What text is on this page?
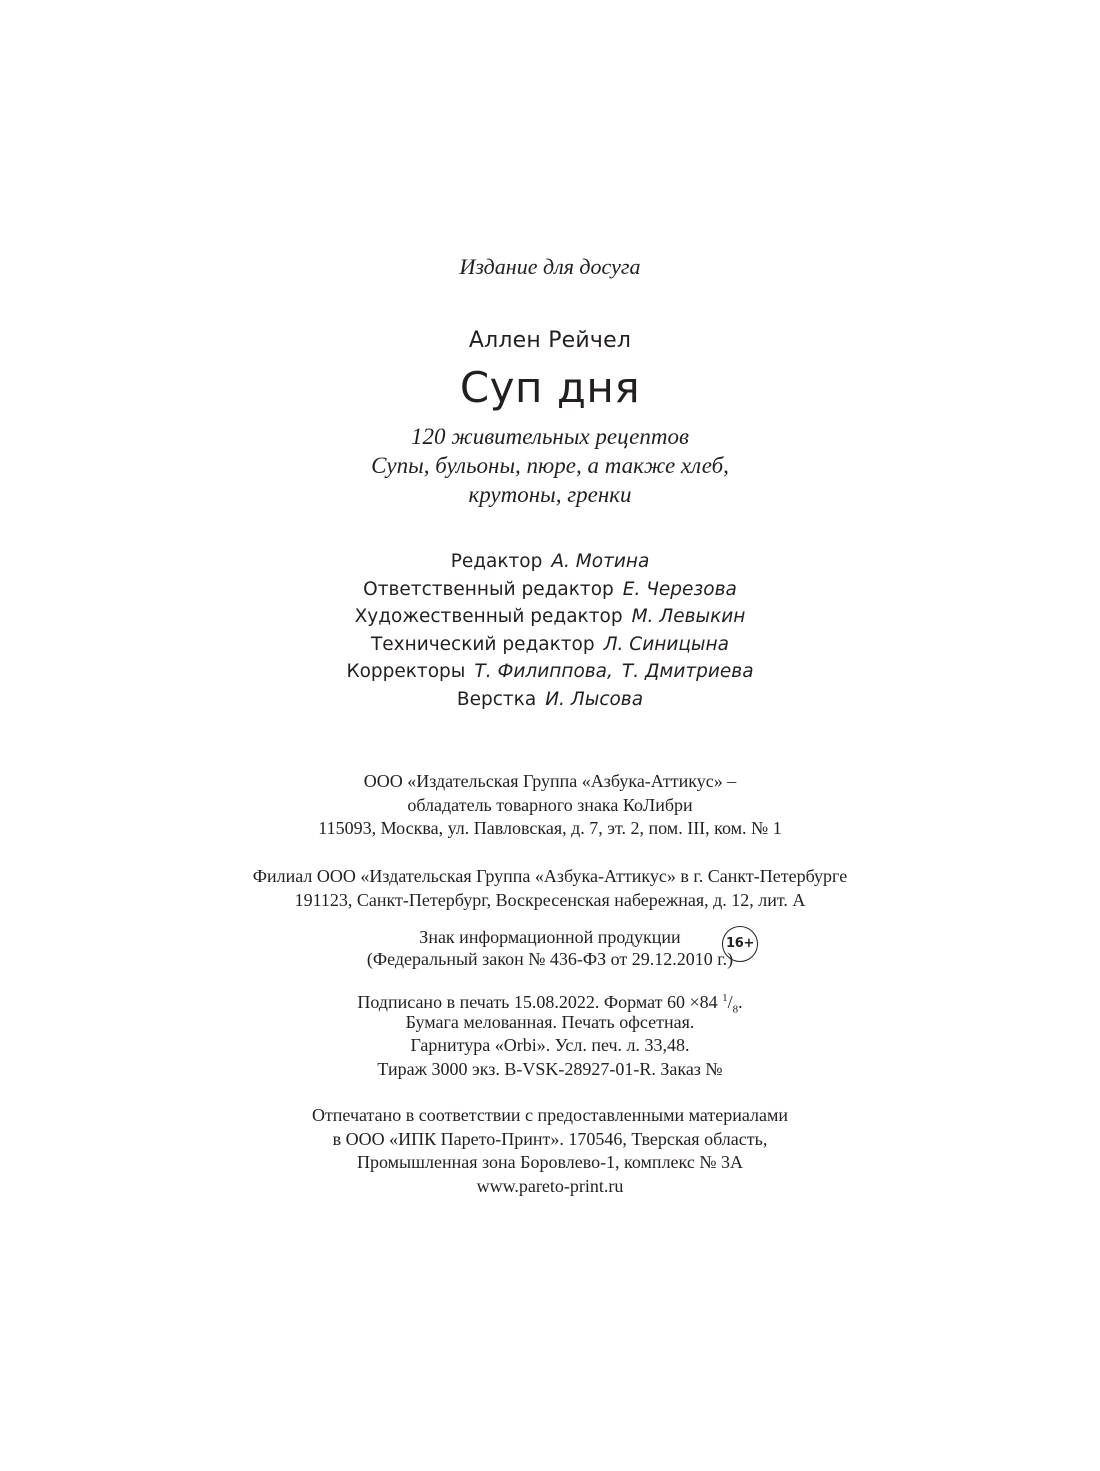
Издание для досуга
Аллен Рейчел
Суп дня
120 живительных рецептов
Супы, бульоны, пюре, а также хлеб,
крутоны, гренки
Редактор А. Мотина
Ответственный редактор Е. Черезова
Художественный редактор М. Левыкин
Технический редактор Л. Синицына
Корректоры Т. Филиппова, Т. Дмитриева
Верстка И. Лысова
ООО «Издательская Группа «Азбука-Аттикус» –
обладатель товарного знака КоЛибри
115093, Москва, ул. Павловская, д. 7, эт. 2, пом. III, ком. № 1
Филиал ООО «Издательская Группа «Азбука-Аттикус» в г. Санкт-Петербурге
191123, Санкт-Петербург, Воскресенская набережная, д. 12, лит. А
Знак информационной продукции
(Федеральный закон № 436-ФЗ от 29.12.2010 г.)
16+
Подписано в печать 15.08.2022. Формат 60 ×84 $^1/_8$.
Бумага мелованная. Печать офсетная.
Гарнитура «Orbi». Усл. печ. л. 33,48.
Тираж 3000 экз. В-VSK-28927-01-R. Заказ №
Отпечатано в соответствии с предоставленными материалами
в ООО «ИПК Парето-Принт». 170546, Тверская область,
Промышленная зона Боровлево-1, комплекс № 3А
www.pareto-print.ru
